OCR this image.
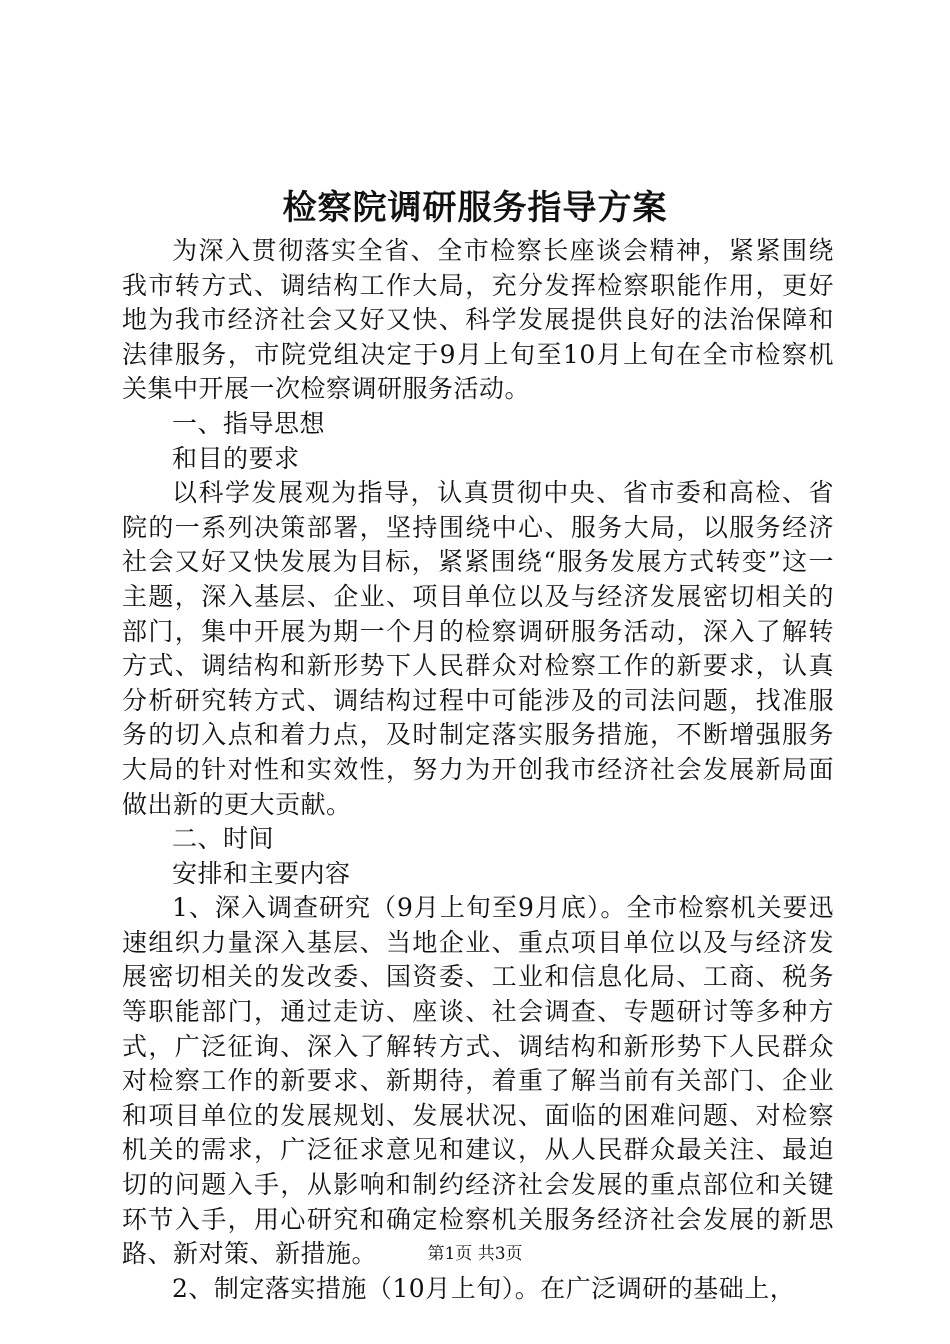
检察院调研服务指导方案

为深入贯彻落实全省、全市检察长座谈会精神，紧紧围绕我市转方式、调结构工作大局，充分发挥检察职能作用，更好地为我市经济社会又好又快、科学发展提供良好的法治保障和法律服务，市院党组决定于9月上旬至10月上旬在全市检察机关集中开展一次检察调研服务活动。

一、指导思想

和目的要求

以科学发展观为指导，认真贯彻中央、省市委和高检、省院的一系列决策部署，坚持围绕中心、服务大局，以服务经济社会又好又快发展为目标，紧紧围绕“服务发展方式转变”这一主题，深入基层、企业、项目单位以及与经济发展密切相关的部门，集中开展为期一个月的检察调研服务活动，深入了解转方式、调结构和新形势下人民群众对检察工作的新要求，认真分析研究转方式、调结构过程中可能涉及的司法问题，找准服务的切入点和着力点，及时制定落实服务措施，不断增强服务大局的针对性和实效性，努力为开创我市经济社会发展新局面做出新的更大贡献。

二、时间

安排和主要内容

1、深入调查研究（9月上旬至9月底）。全市检察机关要迅速组织力量深入基层、当地企业、重点项目单位以及与经济发展密切相关的发改委、国资委、工业和信息化局、工商、税务等职能部门，通过走访、座谈、社会调查、专题研讨等多种方式，广泛征询、深入了解转方式、调结构和新形势下人民群众对检察工作的新要求、新期待，着重了解当前有关部门、企业和项目单位的发展规划、发展状况、面临的困难问题、对检察机关的需求，广泛征求意见和建议，从人民群众最关注、最迫切的问题入手，从影响和制约经济社会发展的重点部位和关键环节入手，用心研究和确定检察机关服务经济社会发展的新思路、新对策、新措施。

2、制定落实措施（10月上旬）。在广泛调研的基础上，

第1页 共3页
